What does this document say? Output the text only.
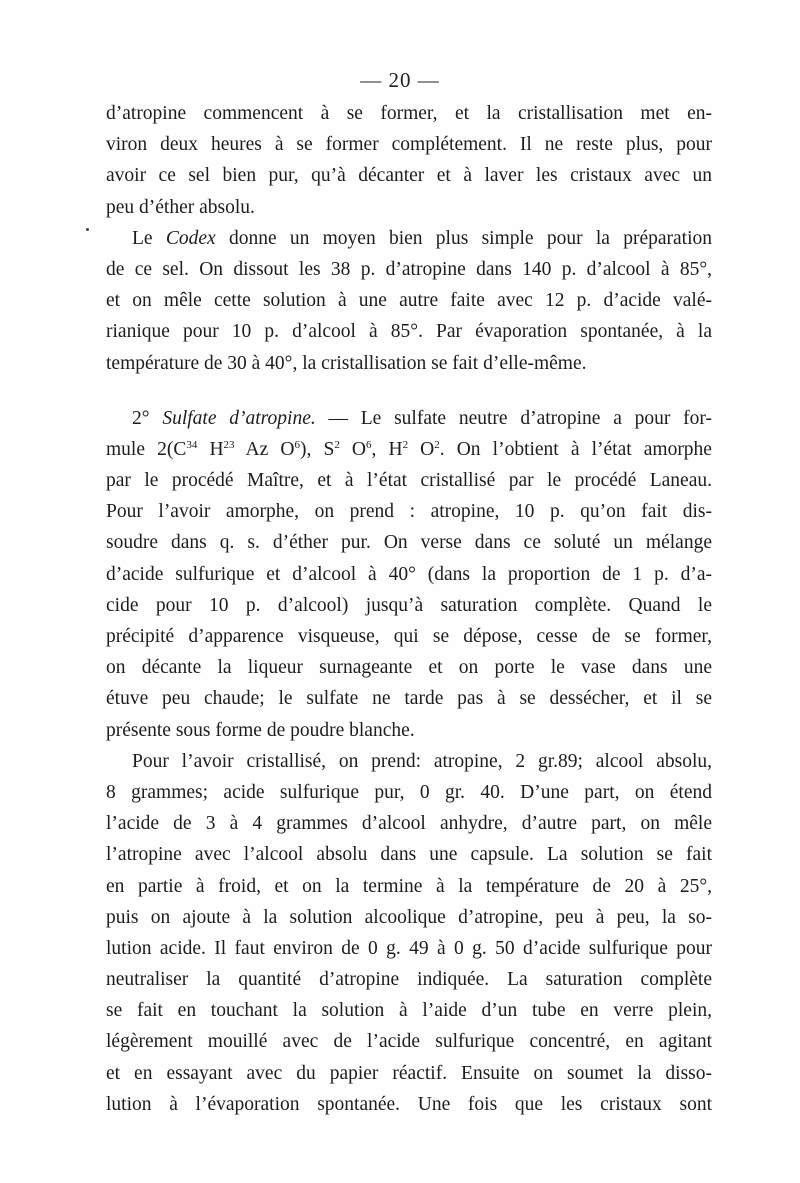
— 20 —
d’atropine commencent à se former, et la cristallisation met en-
viron deux heures à se former complétement. Il ne reste plus, pour
avoir ce sel bien pur, qu’à décanter et à laver les cristaux avec un
peu d’éther absolu.
Le Codex donne un moyen bien plus simple pour la préparation
de ce sel. On dissout les 38 p. d’atropine dans 140 p. d’alcool à 85°,
et on mêle cette solution à une autre faite avec 12 p. d’acide valé-
rianique pour 10 p. d’alcool à 85°. Par évaporation spontanée, à la
température de 30 à 40°, la cristallisation se fait d’elle-même.
2° Sulfate d’atropine. — Le sulfate neutre d’atropine a pour for-
mule $2(C^{34}$ $H^{23}$ Az $O^6$), $S^2$ $O^6$, $H^2$ $O^2$. On l’obtient à l’état amorphe
par le procédé Maître, et à l’état cristallisé par le procédé Laneau.
Pour l’avoir amorphe, on prend : atropine, 10 p. qu’on fait dis-
soudre dans q. s. d’éther pur. On verse dans ce soluté un mélange
d’acide sulfurique et d’alcool à 40° (dans la proportion de 1 p. d’a-
cide pour 10 p. d’alcool) jusqu’à saturation complète. Quand le
précipité d’apparence visqueuse, qui se dépose, cesse de se former,
on décante la liqueur surnageante et on porte le vase dans une
étuve peu chaude; le sulfate ne tarde pas à se dessécher, et il se
présente sous forme de poudre blanche.
Pour l’avoir cristallisé, on prend: atropine, 2 gr.89; alcool absolu,
8 grammes; acide sulfurique pur, 0 gr. 40. D’une part, on étend
l’acide de 3 à 4 grammes d’alcool anhydre, d’autre part, on mêle
l’atropine avec l’alcool absolu dans une capsule. La solution se fait
en partie à froid, et on la termine à la température de 20 à 25°,
puis on ajoute à la solution alcoolique d’atropine, peu à peu, la so-
lution acide. Il faut environ de 0 g. 49 à 0 g. 50 d’acide sulfurique pour
neutraliser la quantité d’atropine indiquée. La saturation complète
se fait en touchant la solution à l’aide d’un tube en verre plein,
légèrement mouillé avec de l’acide sulfurique concentré, en agitant
et en essayant avec du papier réactif. Ensuite on soumet la disso-
lution à l’évaporation spontanée. Une fois que les cristaux sont
